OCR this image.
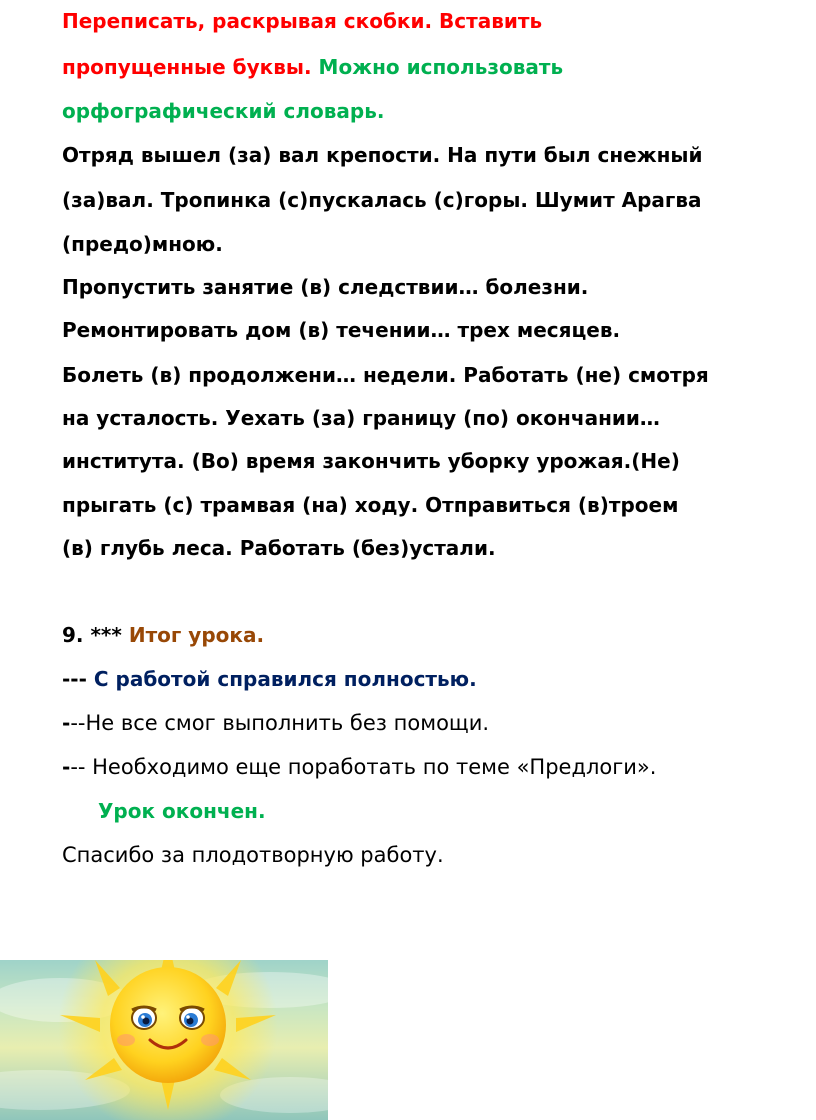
Переписать, раскрывая скобки. Вставить
пропущенные буквы. Можно использовать
орфографический словарь.
Отряд вышел (за) вал крепости. На пути был снежный
(за)вал. Тропинка (с)пускалась (с)горы. Шумит Арагва
(предо)мною.
Пропустить занятие (в) следствии… болезни.
Ремонтировать дом (в) течении… трех месяцев.
Болеть (в) продолжени… недели. Работать (не) смотря
на усталость. Уехать (за) границу (по) окончании…
института. (Во) время закончить уборку урожая.(Не)
прыгать (с) трамвая (на) ходу. Отправиться (в)троем
(в) глубь леса. Работать (без)устали.
9. *** Итог урока.
--- С работой справился полностью.
---Не все смог выполнить без помощи.
--- Необходимо еще поработать по теме «Предлоги».
Урок окончен.
Спасибо за плодотворную работу.
